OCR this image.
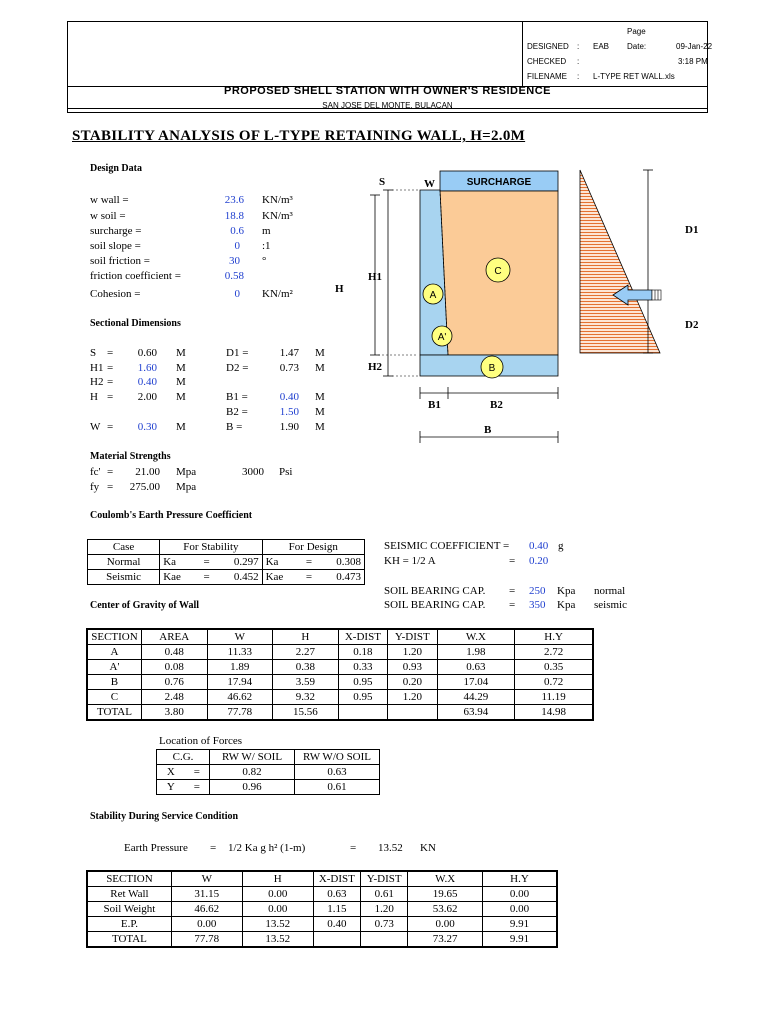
Page
DESIGNED : EAB Date:	09-Jan-22
CHECKED :	3:18 PM
FILENAME : L-TYPE RET WALL.xls
PROPOSED SHELL STATION WITH OWNER'S RESIDENCE
SAN JOSE DEL MONTE, BULACAN
STABILITY ANALYSIS OF L-TYPE RETAINING WALL, H=2.0M
Design Data
w wall =	23.6 KN/m³
w soil =	18.8 KN/m³
surcharge =	0.6 m
soil slope =	0 :1
soil friction =	30 °
friction coefficient =	0.58
Cohesion =	0 KN/m²
Sectional Dimensions
S =	0.60 M
H1 =	1.60 M
H2 =	0.40 M
H =	2.00 M
W =	0.30 M
D1 =	1.47 M
D2 =	0.73 M
B1 =	0.40 M
B2 =	1.50 M
B =	1.90 M
Material Strengths
fc' =	21.00 Mpa	3000 Psi
fy =	275.00 Mpa
Coulomb's Earth Pressure Coefficient
Case	For Stability			For Design		
Normal	Ka	=	0.297	Ka	=	0.308
Seismic	Kae	=	0.452	Kae	=	0.473
SEISMIC COEFFICIENT = 0.40 g
KH = 1/2 A	= 0.20
SOIL BEARING CAP. = 250 Kpa normal
SOIL BEARING CAP. = 350 Kpa seismic
Center of Gravity of Wall
SECTION	AREA	W	H	X-DIST	Y-DIST	W.X	H.Y
A	0.48	11.33	2.27	0.18	1.20	1.98	2.72
A'	0.08	1.89	0.38	0.33	0.93	0.63	0.35
B	0.76	17.94	3.59	0.95	0.20	17.04	0.72
C	2.48	46.62	9.32	0.95	1.20	44.29	11.19
TOTAL	3.80	77.78	15.56			63.94	14.98
Location of Forces
C.G.		RW W/ SOIL	RW W/O SOIL
X	=	0.82	0.63
Y	=	0.96	0.61
Stability During Service Condition
Earth Pressure = 1/2 Ka g h² (1-m)	= 13.52 KN
SECTION	W	H	X-DIST	Y-DIST	W.X	H.Y
Ret Wall	31.15	0.00	0.63	0.61	19.65	0.00
Soil Weight	46.62	0.00	1.15	1.20	53.62	0.00
E.P.	0.00	13.52	0.40	0.73	0.00	9.91
TOTAL	77.78	13.52			73.27	9.91
A
A'
C
B
S	W	SURCHARGE
H
H1
H2
B1	B2
B
D1
D2
